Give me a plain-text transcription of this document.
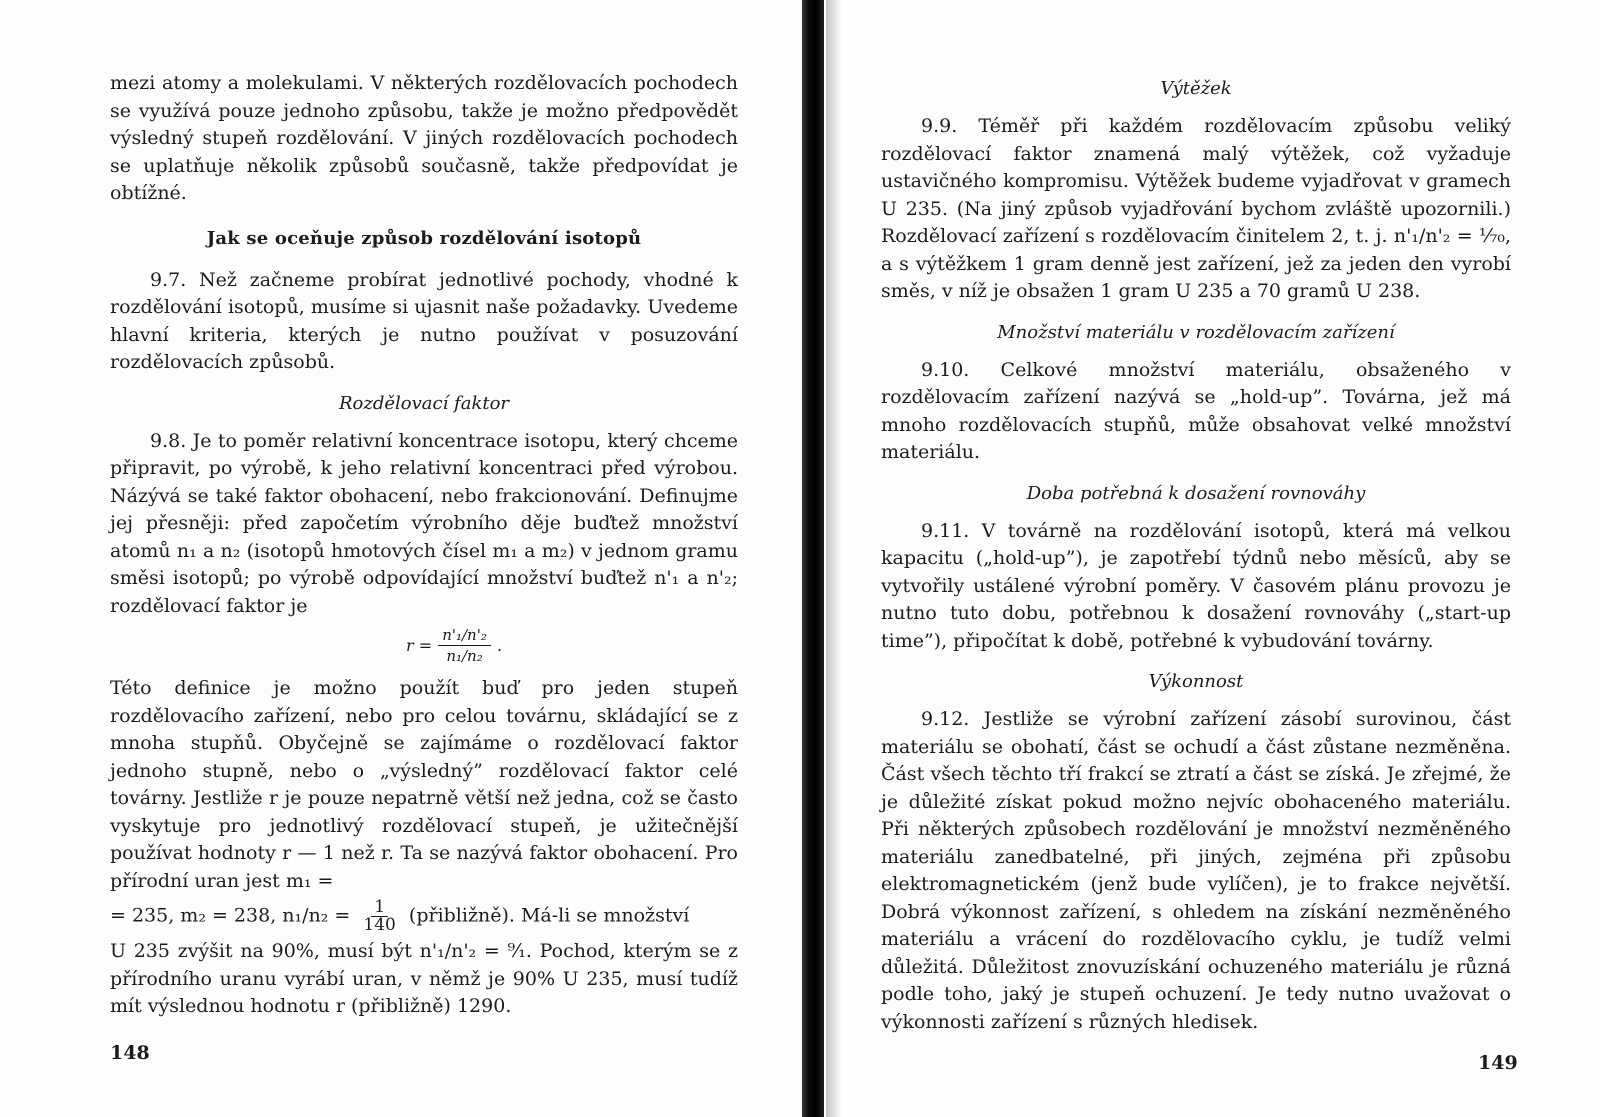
mezi atomy a molekulami. V některých rozdělovacích pochodech se využívá pouze jednoho způsobu, takže je možno předpovědět výsledný stupeň rozdělování. V jiných rozdělovacích pochodech se uplatňuje několik způsobů současně, takže předpovídat je obtížné.

Jak se oceňuje způsob rozdělování isotopů

9.7. Než začneme probírat jednotlivé pochody, vhodné k rozdělování isotopů, musíme si ujasnit naše požadavky. Uvedeme hlavní kriteria, kterých je nutno používat v posuzování rozdělovacích způsobů.

Rozdělovací faktor

9.8. Je to poměr relativní koncentrace isotopu, který chceme připravit, po výrobě, k jeho relativní koncentraci před výrobou. Názývá se také faktor obohacení, nebo frakcionování. Definujme jej přesněji: před započetím výrobního děje buďtež množství atomů n₁ a n₂ (isotopů hmotových čísel m₁ a m₂) v jednom gramu směsi isotopů; po výrobě odpovídající množství buďtež n'₁ a n'₂; rozdělovací faktor je

$r = \frac{\text{n'₁/n'₂}}{\text{n₁/n₂}}$ .

Této definice je možno použít buď pro jeden stupeň rozdělovacího zařízení, nebo pro celou továrnu, skládající se z mnoha stupňů. Obyčejně se zajímáme o rozdělovací faktor jednoho stupně, nebo o „výsledný” rozdělovací faktor celé továrny. Jestliže r je pouze nepatrně větší než jedna, což se často vyskytuje pro jednotlivý rozdělovací stupeň, je užitečnější používat hodnoty r — 1 než r. Ta se nazývá faktor obohacení. Pro přírodní uran jest m₁ =

= 235, m₂ = 238, $n_1/n_2 = \frac{1}{140}$ (přibližně). Má-li se množství

U 235 zvýšit na 90%, musí být n'₁/n'₂ = ⁹⁄₁. Pochod, kterým se z přírodního uranu vyrábí uran, v němž je 90% U 235, musí tudíž mít výslednou hodnotu r (přibližně) 1290.

148
Výtěžek

9.9. Téměř při každém rozdělovacím způsobu veliký rozdělovací faktor znamená malý výtěžek, což vyžaduje ustavičného kompromisu. Výtěžek budeme vyjadřovat v gramech U 235. (Na jiný způsob vyjadřování bychom zvláště upozornili.) Rozdělovací zařízení s rozdělovacím činitelem 2, t. j. n'₁/n'₂ = ¹⁄₇₀, a s výtěžkem 1 gram denně jest zařízení, jež za jeden den vyrobí směs, v níž je obsažen 1 gram U 235 a 70 gramů U 238.

Množství materiálu v rozdělovacím zařízení

9.10. Celkové množství materiálu, obsaženého v rozdělovacím zařízení nazývá se „hold-up”. Továrna, jež má mnoho rozdělovacích stupňů, může obsahovat velké množství materiálu.

Doba potřebná k dosažení rovnováhy

9.11. V továrně na rozdělování isotopů, která má velkou kapacitu („hold-up”), je zapotřebí týdnů nebo měsíců, aby se vytvořily ustálené výrobní poměry. V časovém plánu provozu je nutno tuto dobu, potřebnou k dosažení rovnováhy („start-up time”), připočítat k době, potřebné k vybudování továrny.

Výkonnost

9.12. Jestliže se výrobní zařízení zásobí surovinou, část materiálu se obohatí, část se ochudí a část zůstane nezměněna. Část všech těchto tří frakcí se ztratí a část se získá. Je zřejmé, že je důležité získat pokud možno nejvíc obohaceného materiálu. Při některých způsobech rozdělování je množství nezměněného materiálu zanedbatelné, při jiných, zejména při způsobu elektromagnetickém (jenž bude vylíčen), je to frakce největší. Dobrá výkonnost zařízení, s ohledem na získání nezměněného materiálu a vrácení do rozdělovacího cyklu, je tudíž velmi důležitá. Důležitost znovuzískání ochuzeného materiálu je různá podle toho, jaký je stupeň ochuzení. Je tedy nutno uvažovat o výkonnosti zařízení s různých hledisek.

149
